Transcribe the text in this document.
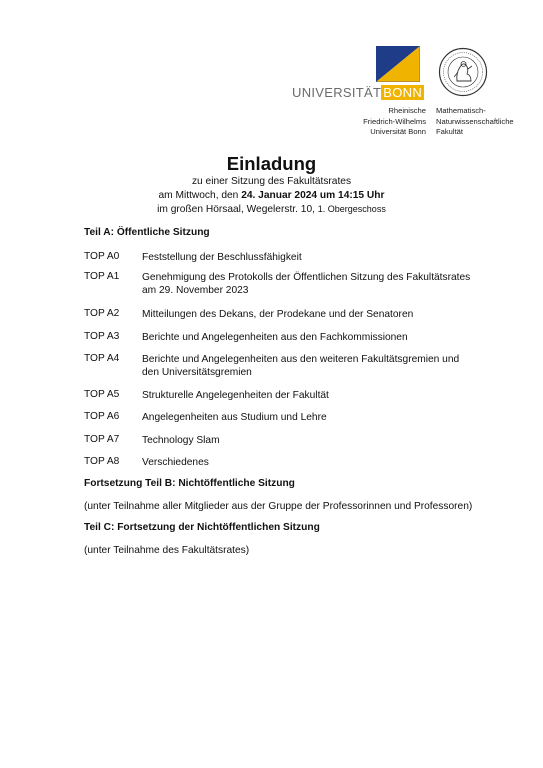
UNIVERSITÄT BONN
Rheinische
Friedrich-Wilhelms
Universität Bonn
Mathematisch-
Naturwissenschaftliche
Fakultät
Einladung
zu einer Sitzung des Fakultätsrates
am Mittwoch, den 24. Januar 2024 um 14:15 Uhr
im großen Hörsaal, Wegelerstr. 10, 1. Obergeschoss
Teil A: Öffentliche Sitzung
TOP A0	Feststellung der Beschlussfähigkeit
TOP A1	Genehmigung des Protokolls der Öffentlichen Sitzung des Fakultätsrates am 29. November 2023
TOP A2	Mitteilungen des Dekans, der Prodekane und der Senatoren
TOP A3	Berichte und Angelegenheiten aus den Fachkommissionen
TOP A4	Berichte und Angelegenheiten aus den weiteren Fakultätsgremien und den Universitätsgremien
TOP A5	Strukturelle Angelegenheiten der Fakultät
TOP A6	Angelegenheiten aus Studium und Lehre
TOP A7	Technology Slam
TOP A8	Verschiedenes
Fortsetzung Teil B: Nichtöffentliche Sitzung
(unter Teilnahme aller Mitglieder aus der Gruppe der Professorinnen und Professoren)
Teil C: Fortsetzung der Nichtöffentlichen Sitzung
(unter Teilnahme des Fakultätsrates)
